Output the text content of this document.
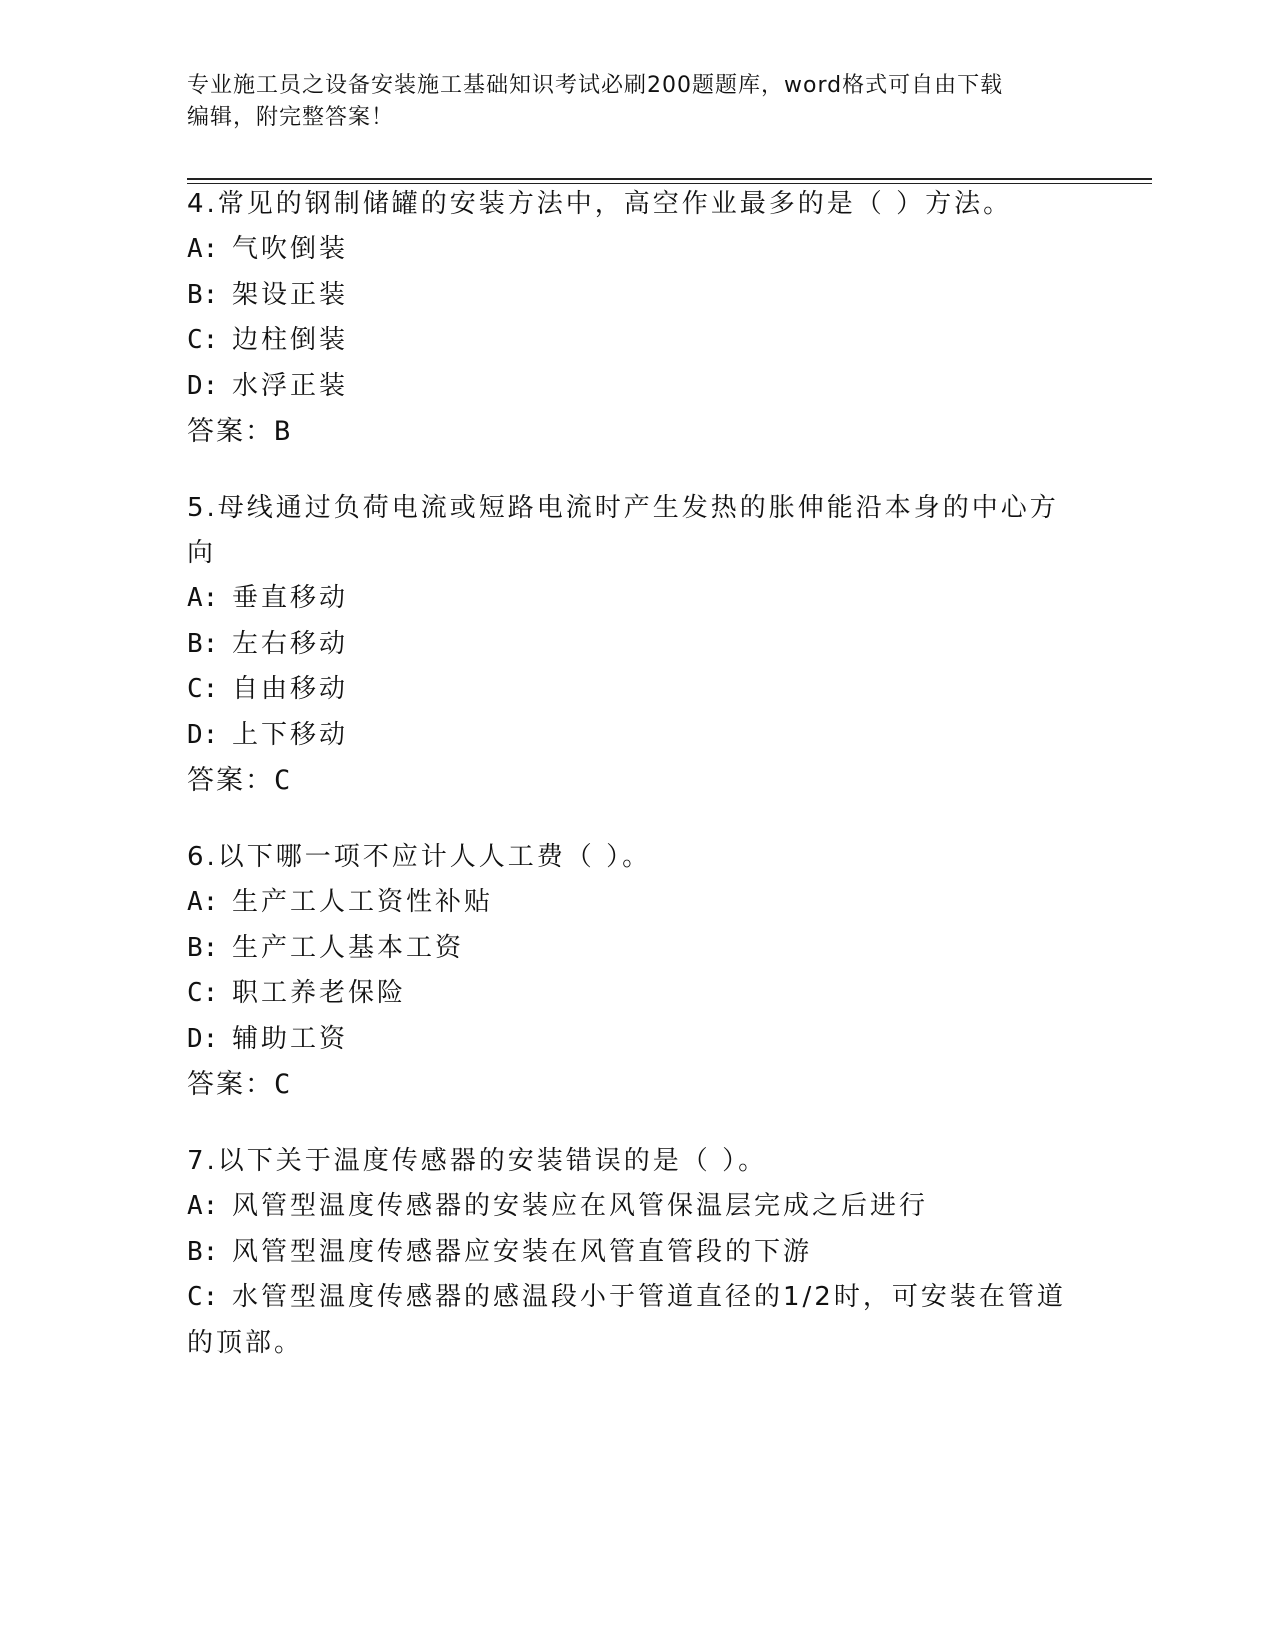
专业施工员之设备安装施工基础知识考试必刷200题题库，word格式可自由下载
编辑，附完整答案！
4.常见的钢制储罐的安装方法中，高空作业最多的是（ ）方法。
A: 气吹倒装
B: 架设正装
C: 边柱倒装
D: 水浮正装
答案：B
5.母线通过负荷电流或短路电流时产生发热的胀伸能沿本身的中心方
向
A: 垂直移动
B: 左右移动
C: 自由移动
D: 上下移动
答案：C
6.以下哪一项不应计人人工费（ ）。
A: 生产工人工资性补贴
B: 生产工人基本工资
C: 职工养老保险
D: 辅助工资
答案：C
7.以下关于温度传感器的安装错误的是（ ）。
A: 风管型温度传感器的安装应在风管保温层完成之后进行
B: 风管型温度传感器应安装在风管直管段的下游
C: 水管型温度传感器的感温段小于管道直径的1/2时，可安装在管道
的顶部。
